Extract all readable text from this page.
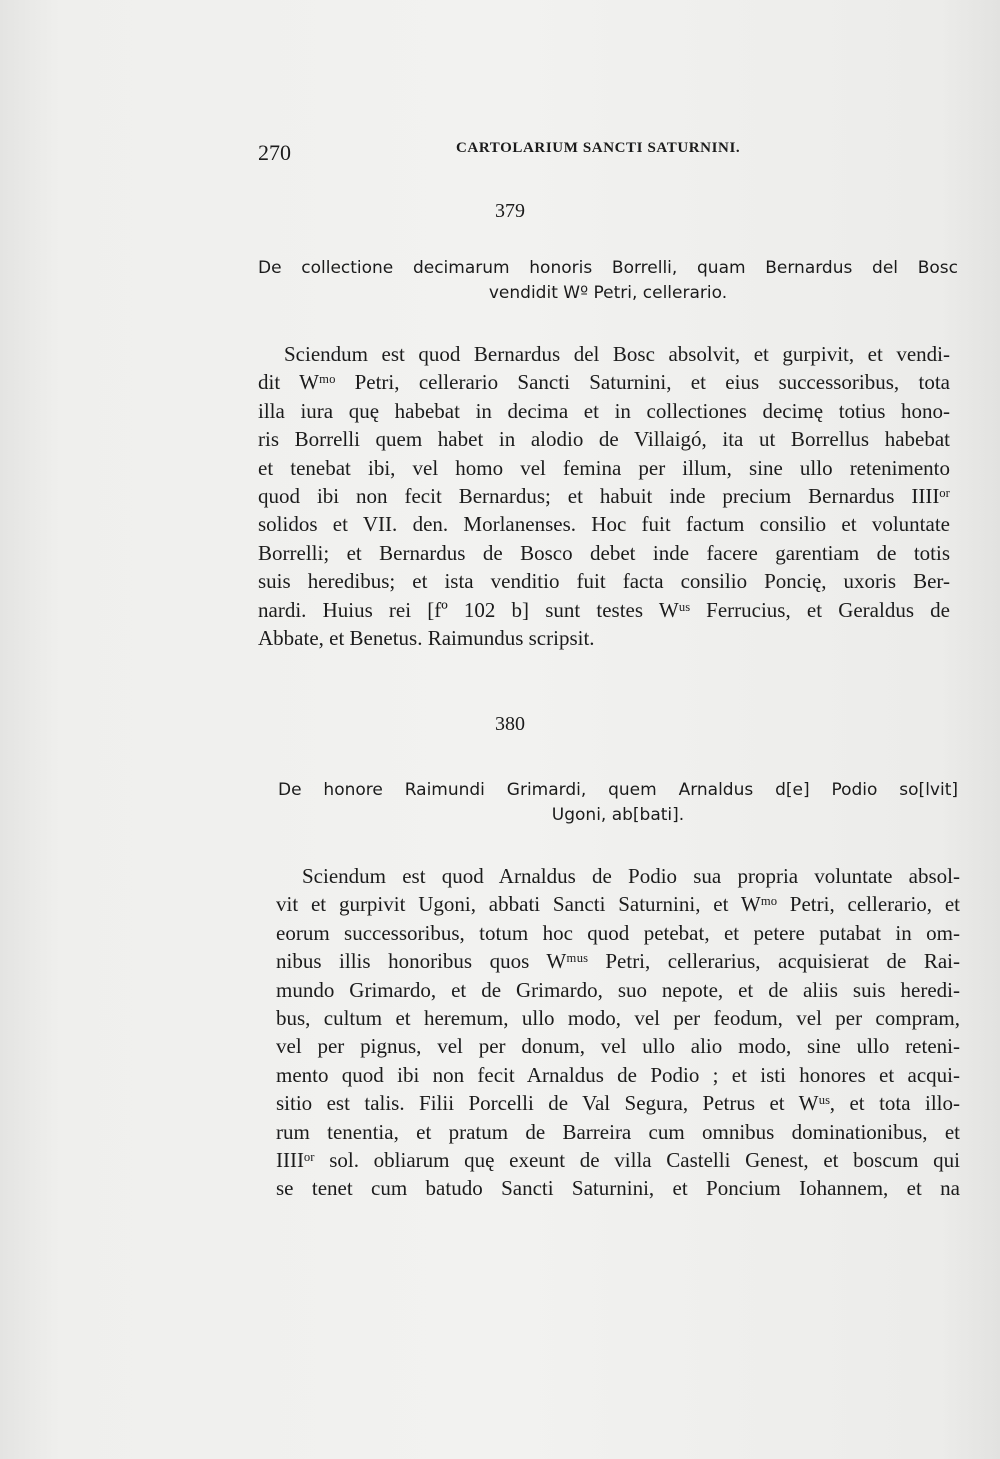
270	CARTOLARIUM SANCTI SATURNINI.
379
De collectione decimarum honoris Borrelli, quam Bernardus del Bosc
vendidit Wº Petri, cellerario.
Sciendum est quod Bernardus del Bosc absolvit, et gurpivit, et vendi-
dit Wᵐᵒ Petri, cellerario Sancti Saturnini, et eius successoribus, tota
illa iura quę habebat in decima et in collectiones decimę totius hono-
ris Borrelli quem habet in alodio de Villaigó, ita ut Borrellus habebat
et tenebat ibi, vel homo vel femina per illum, sine ullo retenimento
quod ibi non fecit Bernardus; et habuit inde precium Bernardus IIIIᵒʳ
solidos et VII. den. Morlanenses. Hoc fuit factum consilio et voluntate
Borrelli; et Bernardus de Bosco debet inde facere garentiam de totis
suis heredibus; et ista venditio fuit facta consilio Poncię, uxoris Ber-
nardi. Huius rei [fº 102 b] sunt testes Wᵘˢ Ferrucius, et Geraldus de
Abbate, et Benetus. Raimundus scripsit.
380
De honore Raimundi Grimardi, quem Arnaldus d[e] Podio so[lvit]
Ugoni, ab[bati].
Sciendum est quod Arnaldus de Podio sua propria voluntate absol-
vit et gurpivit Ugoni, abbati Sancti Saturnini, et Wᵐᵒ Petri, cellerario, et
eorum successoribus, totum hoc quod petebat, et petere putabat in om-
nibus illis honoribus quos Wᵐᵘˢ Petri, cellerarius, acquisierat de Rai-
mundo Grimardo, et de Grimardo, suo nepote, et de aliis suis heredi-
bus, cultum et heremum, ullo modo, vel per feodum, vel per compram,
vel per pignus, vel per donum, vel ullo alio modo, sine ullo reteni-
mento quod ibi non fecit Arnaldus de Podio ; et isti honores et acqui-
sitio est talis. Filii Porcelli de Val Segura, Petrus et Wᵘˢ, et tota illo-
rum tenentia, et pratum de Barreira cum omnibus dominationibus, et
IIIIᵒʳ sol. obliarum quę exeunt de villa Castelli Genest, et boscum qui
se tenet cum batudo Sancti Saturnini, et Poncium Iohannem, et na
